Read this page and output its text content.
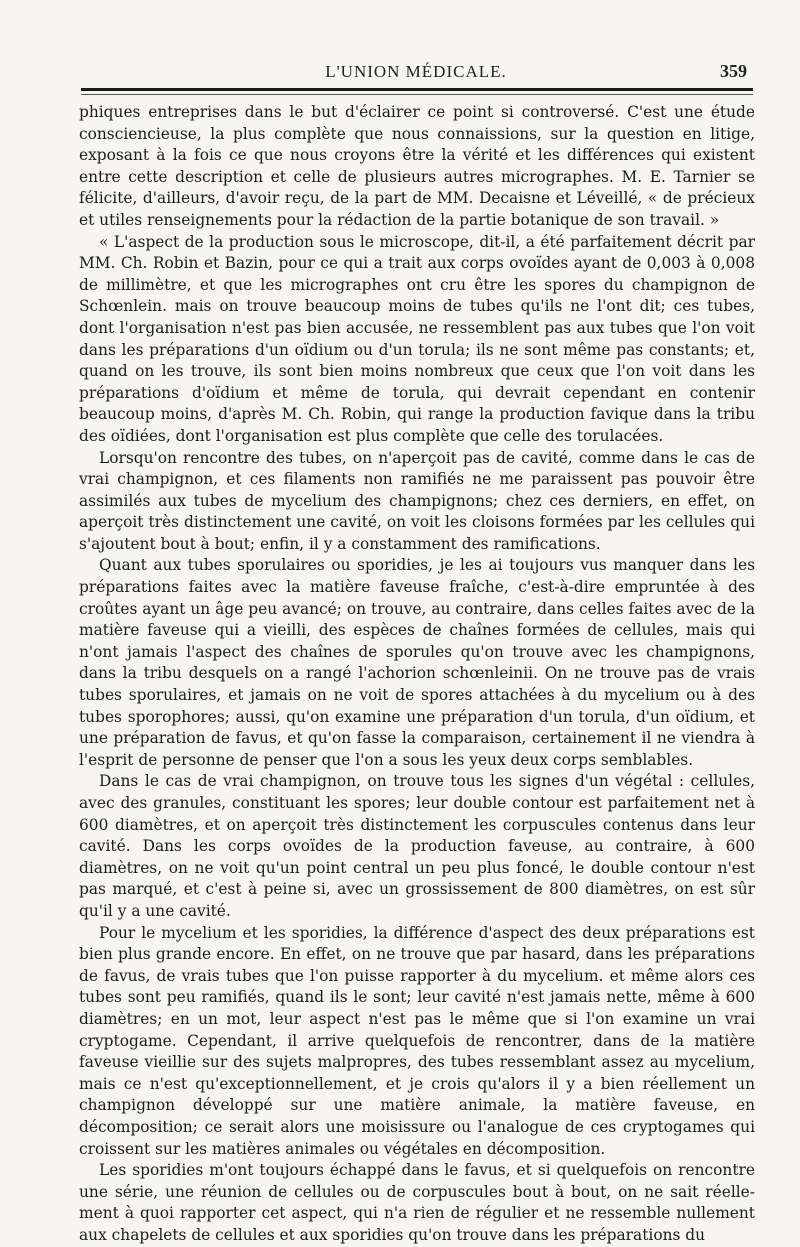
L'UNION MÉDICALE.	359

phiques entreprises dans le but d'éclairer ce point si controversé. C'est une étude consciencieuse, la plus complète que nous connaissions, sur la question en litige, exposant à la fois ce que nous croyons être la vérité et les différences qui existent entre cette description et celle de plusieurs autres micrographes. M. E. Tarnier se félicite, d'ailleurs, d'avoir reçu, de la part de MM. Decaisne et Léveillé, « de précieux et utiles renseignements pour la rédaction de la partie botanique de son travail. »

« L'aspect de la production sous le microscope, dit-il, a été parfaitement décrit par MM. Ch. Robin et Bazin, pour ce qui a trait aux corps ovoïdes ayant de 0,003 à 0,008 de millimètre, et que les micrographes ont cru être les spores du champignon de Schœnlein. mais on trouve beaucoup moins de tubes qu'ils ne l'ont dit; ces tubes, dont l'organisation n'est pas bien accusée, ne ressemblent pas aux tubes que l'on voit dans les préparations d'un oïdium ou d'un torula; ils ne sont même pas constants; et, quand on les trouve, ils sont bien moins nombreux que ceux que l'on voit dans les préparations d'oïdium et même de torula, qui devrait cependant en contenir beaucoup moins, d'après M. Ch. Robin, qui range la production favique dans la tribu des oïdiées, dont l'organisation est plus complète que celle des torulacées.

Lorsqu'on rencontre des tubes, on n'aperçoit pas de cavité, comme dans le cas de vrai champignon, et ces filaments non ramifiés ne me paraissent pas pouvoir être assimilés aux tubes de mycelium des champignons; chez ces derniers, en effet, on aperçoit très distinctement une cavité, on voit les cloisons formées par les cellules qui s'ajoutent bout à bout; enfin, il y a constamment des ramifications.

Quant aux tubes sporulaires ou sporidies, je les ai toujours vus manquer dans les préparations faites avec la matière faveuse fraîche, c'est-à-dire empruntée à des croûtes ayant un âge peu avancé; on trouve, au contraire, dans celles faites avec de la matière faveuse qui a vieilli, des espèces de chaînes formées de cellules, mais qui n'ont jamais l'aspect des chaînes de sporules qu'on trouve avec les champignons, dans la tribu desquels on a rangé l'achorion schœnleinii. On ne trouve pas de vrais tubes sporulaires, et jamais on ne voit de spores attachées à du mycelium ou à des tubes sporophores; aussi, qu'on examine une préparation d'un torula, d'un oïdium, et une préparation de favus, et qu'on fasse la comparaison, certainement il ne viendra à l'esprit de personne de penser que l'on a sous les yeux deux corps semblables.

Dans le cas de vrai champignon, on trouve tous les signes d'un végétal : cellules, avec des granules, constituant les spores; leur double contour est parfaitement net à 600 diamètres, et on aperçoit très distinctement les corpuscules contenus dans leur cavité. Dans les corps ovoïdes de la production faveuse, au contraire, à 600 diamètres, on ne voit qu'un point central un peu plus foncé, le double contour n'est pas marqué, et c'est à peine si, avec un grossissement de 800 diamètres, on est sûr qu'il y a une cavité.

Pour le mycelium et les sporidies, la différence d'aspect des deux préparations est bien plus grande encore. En effet, on ne trouve que par hasard, dans les préparations de favus, de vrais tubes que l'on puisse rapporter à du mycelium. et même alors ces tubes sont peu ramifiés, quand ils le sont; leur cavité n'est jamais nette, même à 600 diamètres; en un mot, leur aspect n'est pas le même que si l'on examine un vrai cryptogame. Cependant, il arrive quelquefois de rencontrer, dans de la matière faveuse vieillie sur des sujets malpropres, des tubes ressemblant assez au mycelium, mais ce n'est qu'exceptionnellement, et je crois qu'alors il y a bien réellement un champignon développé sur une matière animale, la matière faveuse, en décomposition; ce serait alors une moisissure ou l'analogue de ces cryptogames qui croissent sur les matières animales ou végétales en décomposition.

Les sporidies m'ont toujours échappé dans le favus, et si quelquefois on rencontre une série, une réunion de cellules ou de corpuscules bout à bout, on ne sait réellement à quoi rapporter cet aspect, qui n'a rien de régulier et ne ressemble nullement aux chapelets de cellules et aux sporidies qu'on trouve dans les préparations du
